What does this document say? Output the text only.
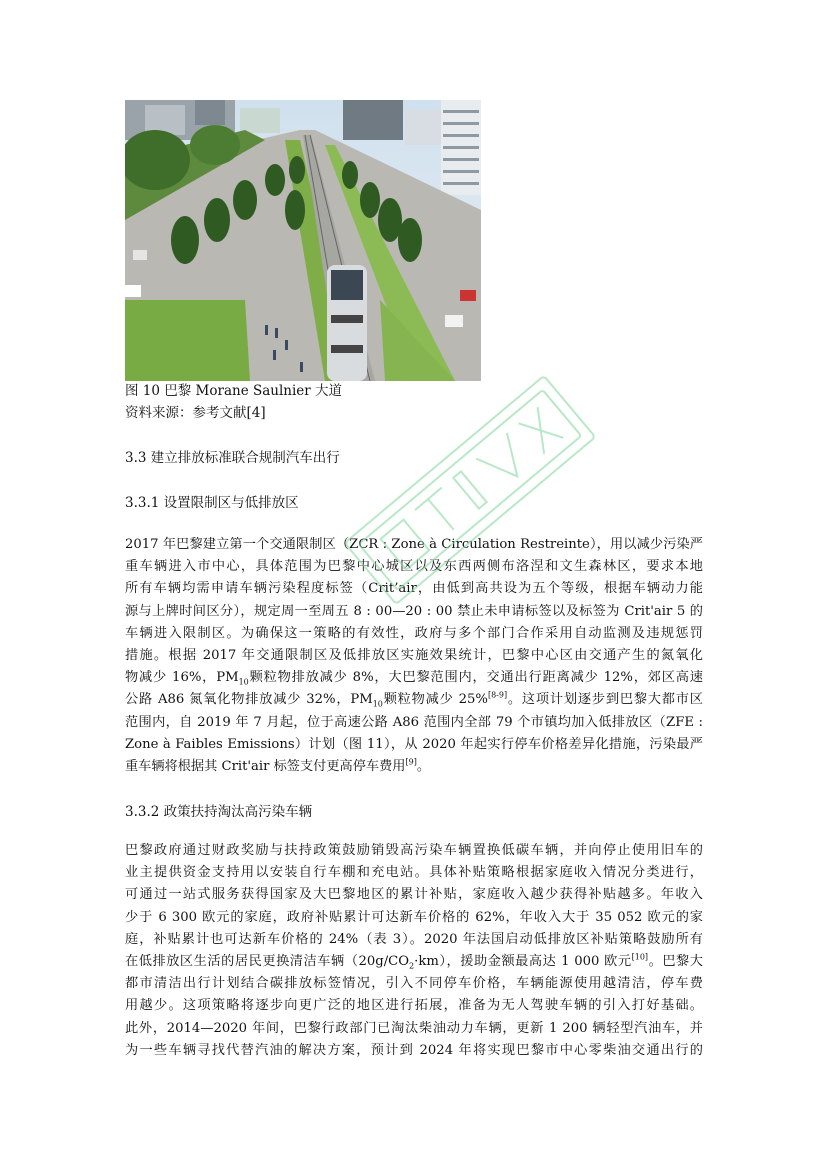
图 10 巴黎 Morane Saulnier 大道
资料来源：参考文献[4]
3.3 建立排放标准联合规制汽车出行
3.3.1 设置限制区与低排放区
2017 年巴黎建立第一个交通限制区（ZCR : Zone à Circulation Restreinte），用以减少污染严
重车辆进入市中心，具体范围为巴黎中心城区以及东西两侧布洛涅和文生森林区，要求本地
所有车辆均需申请车辆污染程度标签（Crit’air，由低到高共设为五个等级，根据车辆动力能
源与上牌时间区分），规定周一至周五 8 : 00—20 : 00 禁止未申请标签以及标签为 Crit'air 5 的
车辆进入限制区。为确保这一策略的有效性，政府与多个部门合作采用自动监测及违规惩罚
措施。根据 2017 年交通限制区及低排放区实施效果统计，巴黎中心区由交通产生的氮氧化
物减少 16%，$PM_{10}$颗粒物排放减少 8%，大巴黎范围内，交通出行距离减少 12%，郊区高速
公路 A86 氮氧化物排放减少 32%，$PM_{10}$颗粒物减少 25%[8-9]。这项计划逐步到巴黎大都市区
范围内，自 2019 年 7 月起，位于高速公路 A86 范围内全部 79 个市镇均加入低排放区（ZFE :
Zone à Faibles Emissions）计划（图 11），从 2020 年起实行停车价格差异化措施，污染最严
重车辆将根据其 Crit'air 标签支付更高停车费用[9]。
3.3.2 政策扶持淘汰高污染车辆
巴黎政府通过财政奖励与扶持政策鼓励销毁高污染车辆置换低碳车辆，并向停止使用旧车的
业主提供资金支持用以安装自行车棚和充电站。具体补贴策略根据家庭收入情况分类进行，
可通过一站式服务获得国家及大巴黎地区的累计补贴，家庭收入越少获得补贴越多。年收入
少于 6 300 欧元的家庭，政府补贴累计可达新车价格的 62%，年收入大于 35 052 欧元的家
庭，补贴累计也可达新车价格的 24%（表 3）。2020 年法国启动低排放区补贴策略鼓励所有
在低排放区生活的居民更换清洁车辆$(20g/CO_2\cdot km)$，援助金额最高达 1 000 欧元[10]。巴黎大
都市清洁出行计划结合碳排放标签情况，引入不同停车价格，车辆能源使用越清洁，停车费
用越少。这项策略将逐步向更广泛的地区进行拓展，准备为无人驾驶车辆的引入打好基础。
此外，2014—2020 年间，巴黎行政部门已淘汰柴油动力车辆，更新 1 200 辆轻型汽油车，并
为一些车辆寻找代替汽油的解决方案，预计到 2024 年将实现巴黎市中心零柴油交通出行的
